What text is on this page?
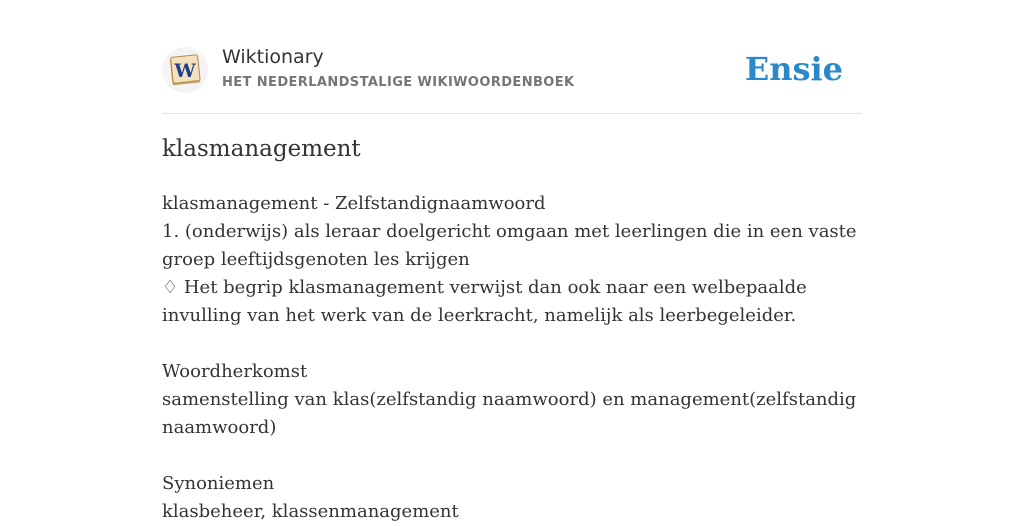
W
Wiktionary
HET NEDERLANDSTALIGE WIKIWOORDENBOEK	Ensie
klasmanagement

klasmanagement - Zelfstandignaamwoord

1. (onderwijs) als leraar doelgericht omgaan met leerlingen die in een vaste groep leeftijdsgenoten les krijgen

♢ Het begrip klasmanagement verwijst dan ook naar een welbepaalde invulling van het werk van de leerkracht, namelijk als leerbegeleider.

Woordherkomst

samenstelling van klas(zelfstandig naamwoord) en management(zelfstandig naamwoord)

Synoniemen

klasbeheer, klassenmanagement
